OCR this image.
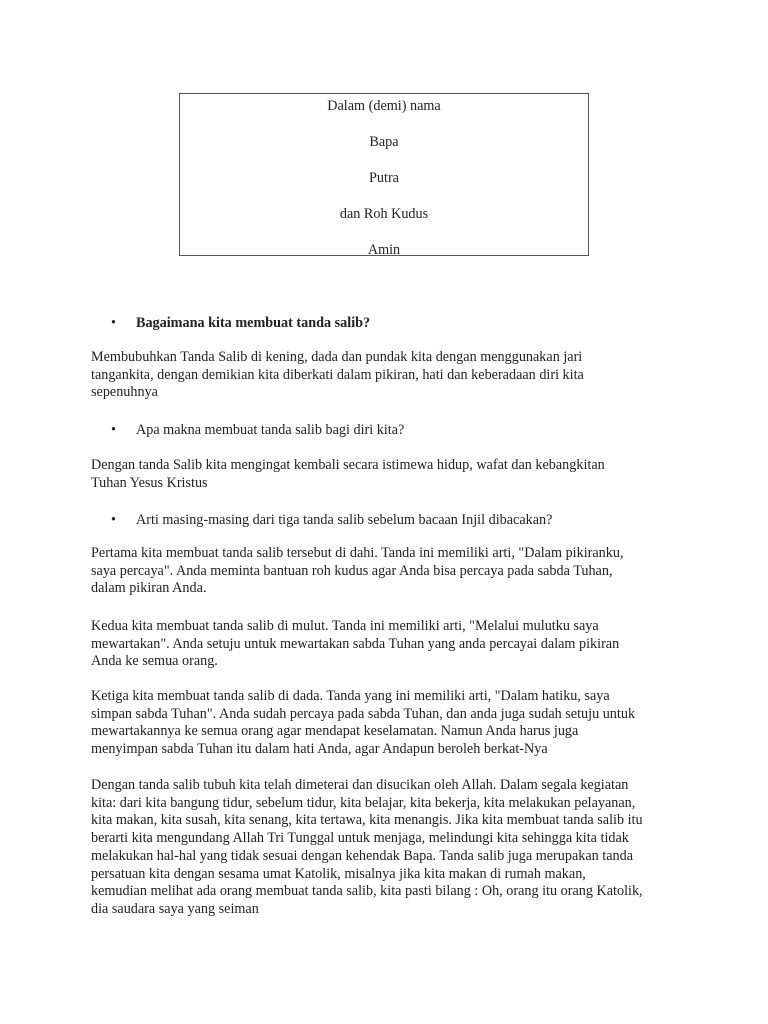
Dalam (demi) nama
Bapa
Putra
dan Roh Kudus
Amin
•	Bagaimana kita membuat tanda salib?
Membubuhkan Tanda Salib di kening, dada dan pundak kita dengan menggunakan jari
tangankita, dengan demikian kita diberkati dalam pikiran, hati dan keberadaan diri kita
sepenuhnya
•	Apa makna membuat tanda salib bagi diri kita?
Dengan tanda Salib kita mengingat kembali secara istimewa hidup, wafat dan kebangkitan
Tuhan Yesus Kristus
•	Arti masing-masing dari tiga tanda salib sebelum bacaan Injil dibacakan?
Pertama kita membuat tanda salib tersebut di dahi. Tanda ini memiliki arti, "Dalam pikiranku,
saya percaya". Anda meminta bantuan roh kudus agar Anda bisa percaya pada sabda Tuhan,
dalam pikiran Anda.
Kedua kita membuat tanda salib di mulut. Tanda ini memiliki arti, "Melalui mulutku saya
mewartakan". Anda setuju untuk mewartakan sabda Tuhan yang anda percayai dalam pikiran
Anda ke semua orang.
Ketiga kita membuat tanda salib di dada. Tanda yang ini memiliki arti, "Dalam hatiku, saya
simpan sabda Tuhan". Anda sudah percaya pada sabda Tuhan, dan anda juga sudah setuju untuk
mewartakannya ke semua orang agar mendapat keselamatan. Namun Anda harus juga
menyimpan sabda Tuhan itu dalam hati Anda, agar Andapun beroleh berkat-Nya
Dengan tanda salib tubuh kita telah dimeterai dan disucikan oleh Allah. Dalam segala kegiatan
kita: dari kita bangung tidur, sebelum tidur, kita belajar, kita bekerja, kita melakukan pelayanan,
kita makan, kita susah, kita senang, kita tertawa, kita menangis. Jika kita membuat tanda salib itu
berarti kita mengundang Allah Tri Tunggal untuk menjaga, melindungi kita sehingga kita tidak
melakukan hal-hal yang tidak sesuai dengan kehendak Bapa. Tanda salib juga merupakan tanda
persatuan kita dengan sesama umat Katolik, misalnya jika kita makan di rumah makan,
kemudian melihat ada orang membuat tanda salib, kita pasti bilang : Oh, orang itu orang Katolik,
dia saudara saya yang seiman
